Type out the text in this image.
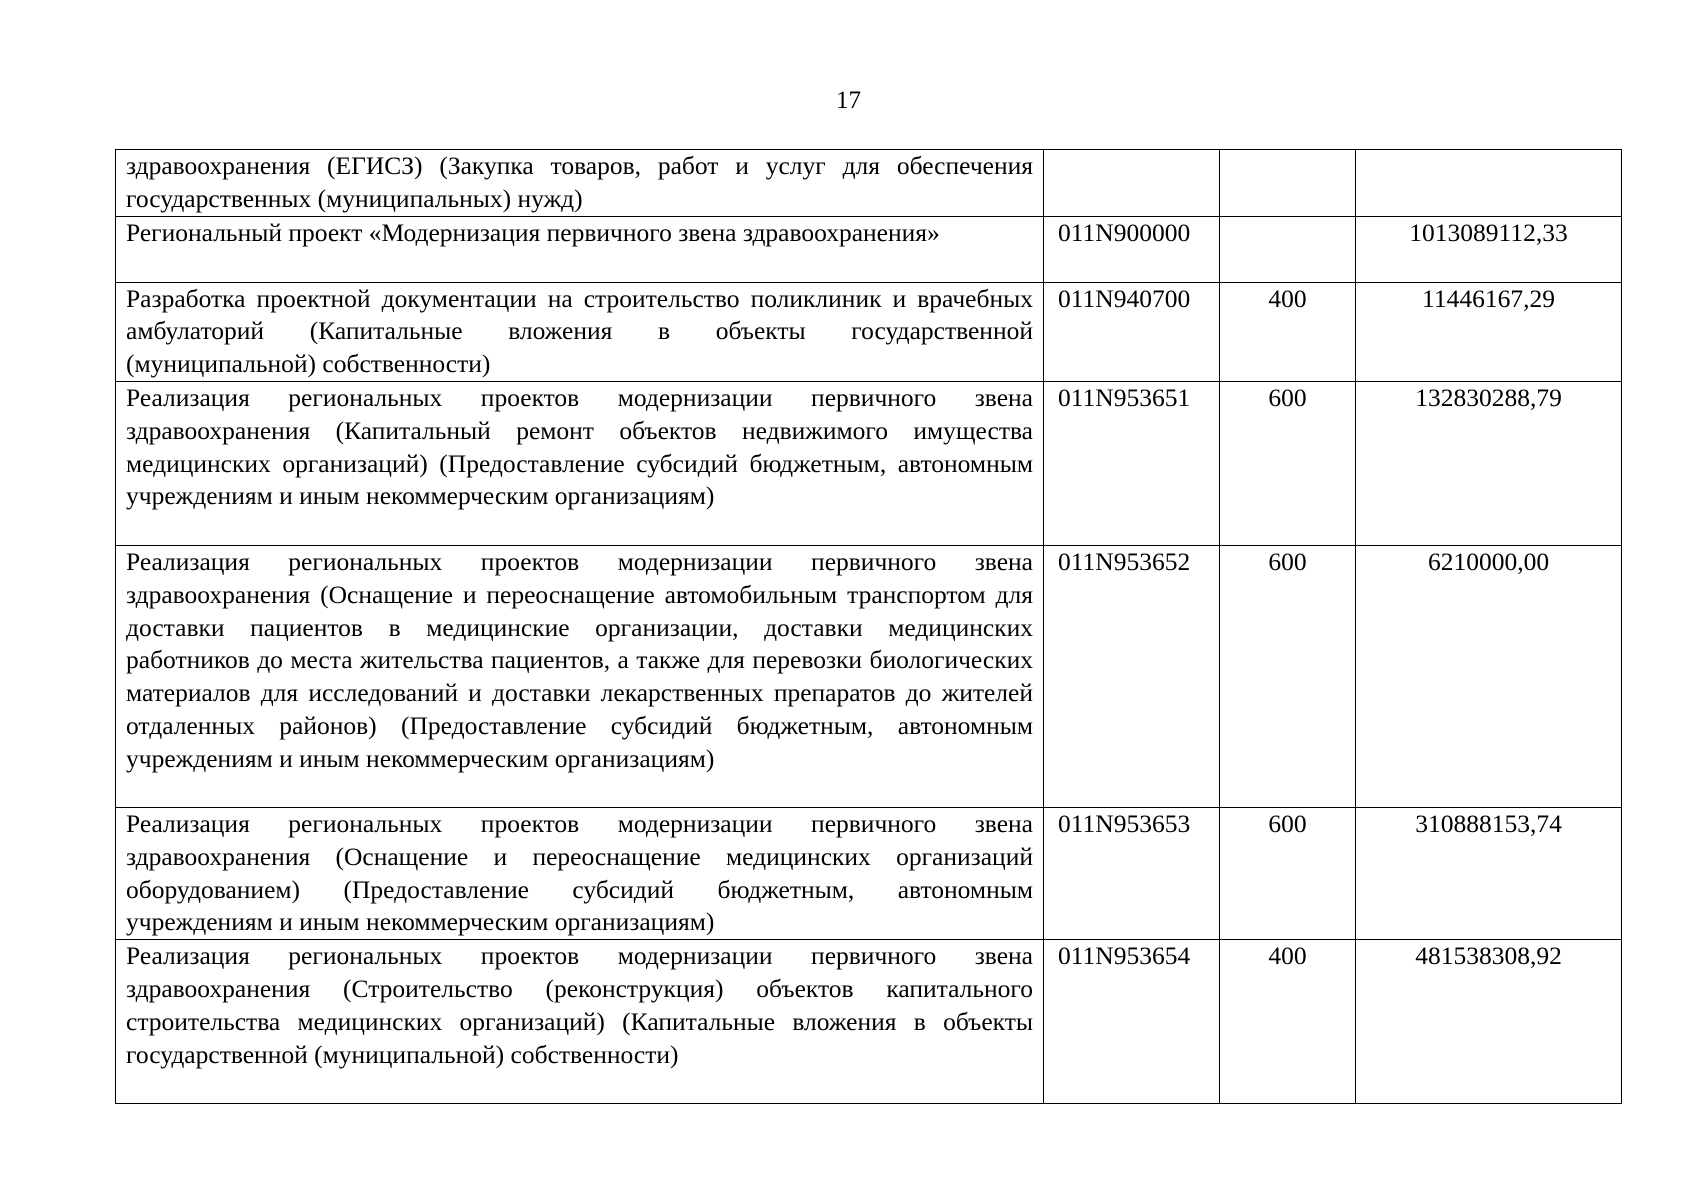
17
здравоохранения (ЕГИСЗ) (Закупка товаров, работ и услуг для обеспечения государственных (муниципальных) нужд)			
Региональный проект «Модернизация первичного звена здравоохранения»	011N900000		1013089112,33
Разработка проектной документации на строительство поликлиник и врачебных амбулаторий (Капитальные вложения в объекты государственной (муниципальной) собственности)	011N940700	400	11446167,29
Реализация региональных проектов модернизации первичного звена здравоохранения (Капитальный ремонт объектов недвижимого имущества медицинских организаций) (Предоставление субсидий бюджетным, автономным учреждениям и иным некоммерческим организациям)	011N953651	600	132830288,79
Реализация региональных проектов модернизации первичного звена здравоохранения (Оснащение и переоснащение автомобильным транспортом для доставки пациентов в медицинские организации, доставки медицинских работников до места жительства пациентов, а также для перевозки биологических материалов для исследований и доставки лекарственных препаратов до жителей отдаленных районов) (Предоставление субсидий бюджетным, автономным учреждениям и иным некоммерческим организациям)	011N953652	600	6210000,00
Реализация региональных проектов модернизации первичного звена здравоохранения (Оснащение и переоснащение медицинских организаций оборудованием) (Предоставление субсидий бюджетным, автономным учреждениям и иным некоммерческим организациям)	011N953653	600	310888153,74
Реализация региональных проектов модернизации первичного звена здравоохранения (Строительство (реконструкция) объектов капитального строительства медицинских организаций) (Капитальные вложения в объекты государственной (муниципальной) собственности)	011N953654	400	481538308,92
